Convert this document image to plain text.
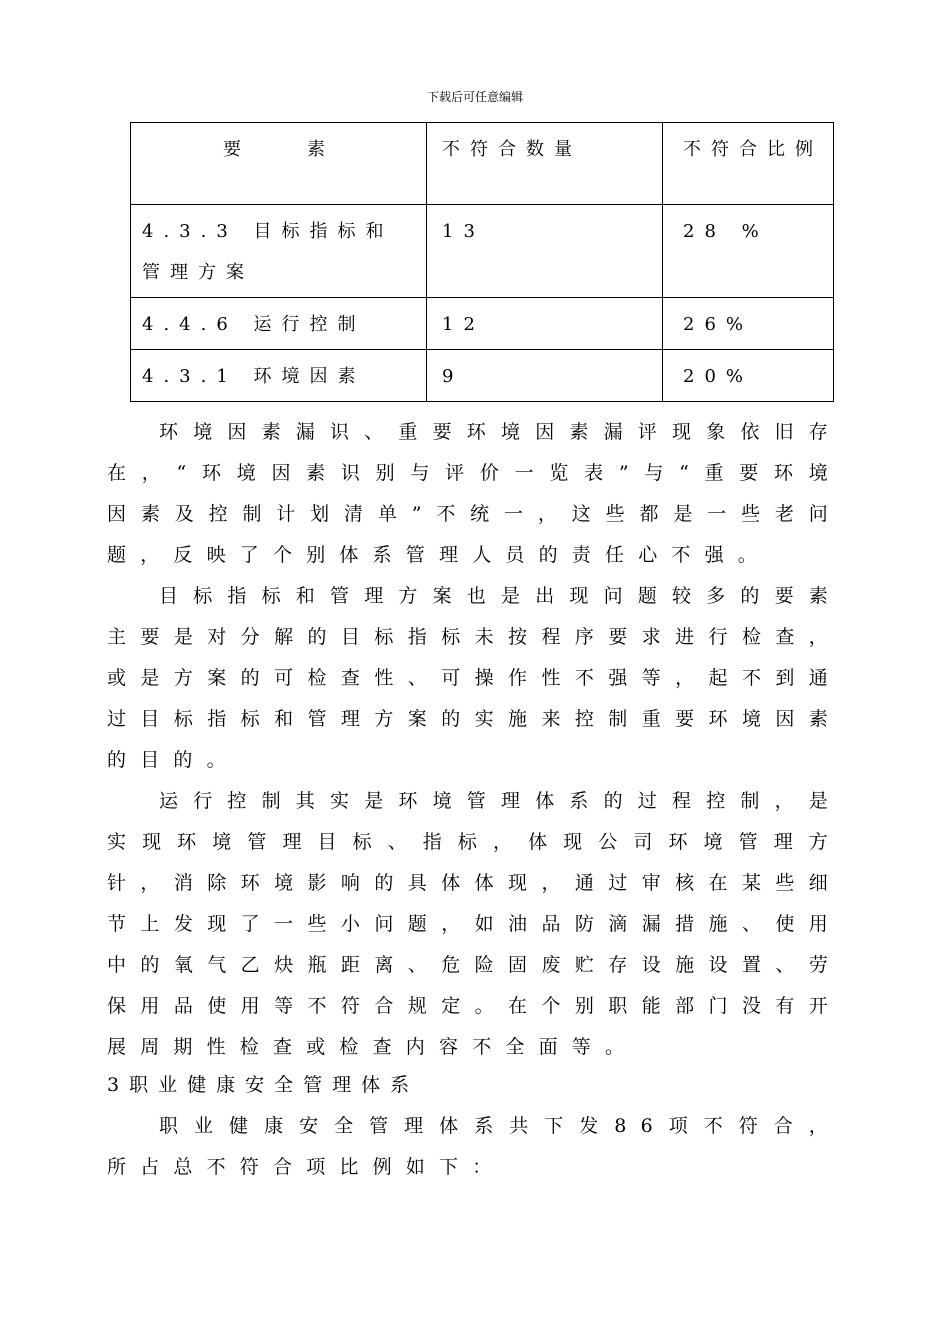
下载后可任意编辑
要　　素	不符合数量	不符合比例
4.3.3 目标指标和管理方案	13	28 %
4.4.6 运行控制	12	26%
4.3.1 环境因素	9	20%

环境因素漏识、重要环境因素漏评现象依旧存在，“环境因素识别与评价一览表”与“重要环境因素及控制计划清单”不统一，这些都是一些老问题，反映了个别体系管理人员的责任心不强。

目标指标和管理方案也是出现问题较多的要素主要是对分解的目标指标未按程序要求进行检查，或是方案的可检查性、可操作性不强等，起不到通过目标指标和管理方案的实施来控制重要环境因素的目的。

运行控制其实是环境管理体系的过程控制，是实现环境管理目标、指标，体现公司环境管理方针，消除环境影响的具体体现，通过审核在某些细节上发现了一些小问题，如油品防滴漏措施、使用中的氧气乙炔瓶距离、危险固废贮存设施设置、劳保用品使用等不符合规定。在个别职能部门没有开展周期性检查或检查内容不全面等。

3职业健康安全管理体系

职业健康安全管理体系共下发86项不符合，所占总不符合项比例如下：
